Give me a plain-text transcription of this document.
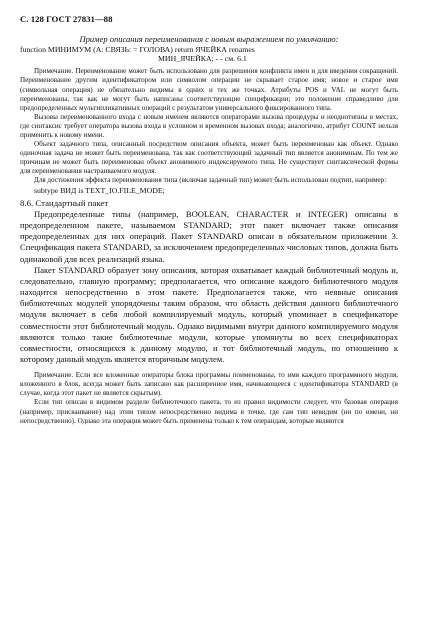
С. 128 ГОСТ 27831—88
Пример описания переименования с новым выражением по умолчанию:
function МИНИМУМ (А: СВЯЗЬ: = ГОЛОВА) return ЯЧЕЙКА renames
МИН_ЯЧЕЙКА; - - см. 6.1

Примечание. Переименование может быть использовано для разрешения конфликта имен и для введения сокращений. Переименование другим идентификатором или символом операции не скрывает старое имя; новое и старое имя (символьная операция) не обязательно видимы в одних и тех же точках. Атрибуты POS и VAL не могут быть переименованы, так как не могут быть написаны соответствующие спецификации; это положение справедливо для предопределенных мультипликативных операций с результатом универсального фиксированного типа.

Вызовы переименованного входа с новым именем являются операторами вызова процедуры и неоднотипны в местах, где синтаксис требует оператора вызова входа в условном и временном вызовах входа; аналогично, атрибут COUNT нельзя применить к новому имени.

Объект задачного типа, описанный посредством описания объекта, может быть переименован как объект. Однако одиночная задача не может быть переименована, так как соответствующий задачный тип является анонимным. По тем же причинам не может быть переименован объект анонимного индексируемого типа. Не существует синтаксической формы для переименования настраиваемого модуля.

Для достижения эффекта переименования типа (включая задачный тип) может быть использован подтип, например:

subtype ВИД is TEXT_IO.FILE_MODE;
8.6. Стандартный пакет

Предопределенные типы (например, BOOLEAN, CHARACTER и INTEGER) описаны в предопределенном пакете, называемом STANDARD; этот пакет включает также описания предопределенных для них операций. Пакет STANDARD описан в обязательном приложении 3. Спецификация пакета STANDARD, за исключением предопределенных числовых типов, должна быть одинаковой для всех реализаций языка.

Пакет STANDARD образует зону описания, которая охватывает каждый библиотечный модуль и, следовательно, главную программу; предполагается, что описание каждого библиотечного модуля находится непосредственно в этом пакете. Предполагается также, что неявные описания библиотечных модулей упорядочены таким образом, что область действия данного библиотечного модуля включает в себя любой компилируемый модуль, который упоминает в спецификаторе совместности этот библиотечный модуль. Однако видимыми внутри данного компилируемого модуля являются только такие библиотечные модули, которые упомянуты во всех спецификаторах совместности, относящихся к данному модулю, и тот библиотечный модуль, по отношению к которому данный модуль является вторичным модулем.

Примечание. Если все вложенные операторы блока программы поименованы, то имя каждого программного модуля, вложенного в блок, всегда может быть записано как расширенное имя, начинающееся с идентификатора STANDARD (в случае, когда этот пакет не является скрытым).

Если тип описан в видимом разделе библиотечного пакета, то из правил видимости следует, что базовая операция (например, присваивание) над этим типом непосредственно видима в точке, где сам тип невидим (ни по имени, ни непосредственно). Однако эта операция может быть применена только к тем операндам, которые являются
